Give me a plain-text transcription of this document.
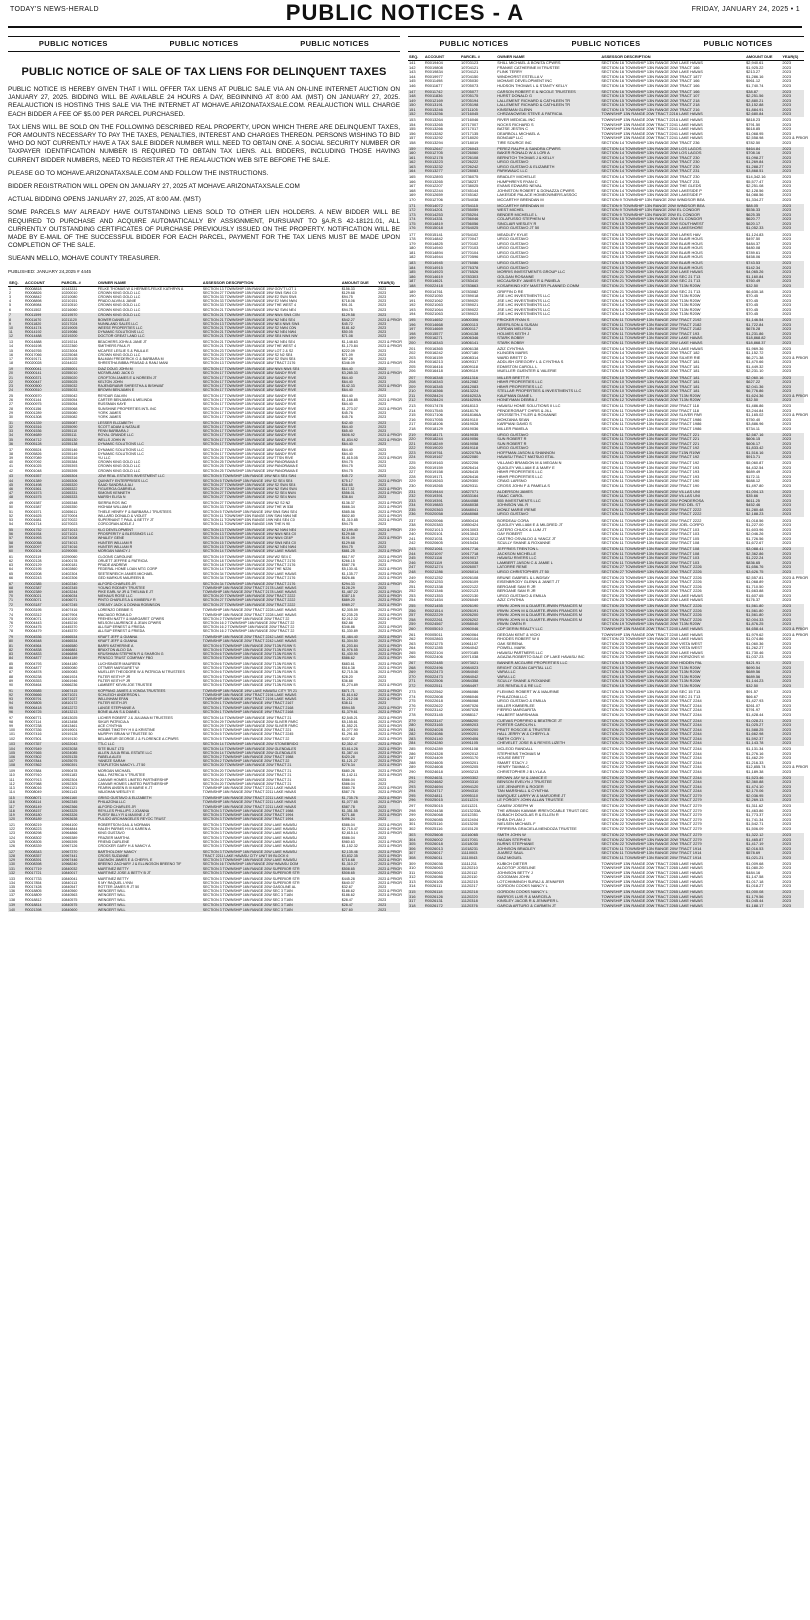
TODAY'S NEWS-HERALD	PUBLIC NOTICES - A	FRIDAY, JANUARY 24, 2025 • 1
PUBLIC NOTICES	PUBLIC NOTICES	PUBLIC NOTICES
PUBLIC NOTICE OF SALE OF TAX LIENS FOR DELINQUENT TAXES

PUBLIC NOTICE IS HEREBY GIVEN THAT I WILL OFFER TAX LIENS AT PUBLIC SALE VIA AN ON-LINE INTERNET AUCTION ON JANUARY 27, 2025. BIDDING WILL BE AVAILABLE 24 HOURS A DAY, BEGINNING AT 8:00 AM. (MST) ON JANUARY 27, 2025. REALAUCTION IS HOSTING THIS SALE VIA THE INTERNET AT MOHAVE.ARIZONATAXSALE.COM. REALAUCTION WILL CHARGE EACH BIDDER A FEE OF $5.00 PER PARCEL PURCHASED.

TAX LIENS WILL BE SOLD ON THE FOLLOWING DESCRIBED REAL PROPERTY, UPON WHICH THERE ARE DELINQUENT TAXES, FOR AMOUNTS NECESSARY TO PAY THE TAXES, PENALTIES, INTEREST AND CHARGES THEREON. PERSONS WISHING TO BID WHO DO NOT CURRENTLY HAVE A TAX SALE BIDDER NUMBER WILL NEED TO OBTAIN ONE. A SOCIAL SECURITY NUMBER OR TAXPAYER IDENTIFICATION NUMBER IS REQUIRED TO OBTAIN TAX LIENS. ALL BIDDERS, INCLUDING THOSE HAVING CURRENT BIDDER NUMBERS, NEED TO REGISTER AT THE REALAUCTION WEB SITE BEFORE THE SALE.

PLEASE GO TO MOHAVE.ARIZONATAXSALE.COM AND FOLLOW THE INSTRUCTIONS.

BIDDER REGISTRATION WILL OPEN ON JANUARY 27, 2025 AT MOHAVE.ARIZONATAXSALE.COM

ACTUAL BIDDING OPENS JANUARY 27, 2025, AT 8:00 AM. (MST)

SOME PARCELS MAY ALREADY HAVE OUTSTANDING LIENS SOLD TO OTHER LIEN HOLDERS. A NEW BIDDER WILL BE REQUIRED TO PURCHASE AND ACQUIRE AUTOMATICALLY BY ASSIGNMENT, PURSUANT TO §A.R.S 42-18121.01, ALL CURRENTLY OUTSTANDING CERTIFICATES OF PURCHASE PREVIOUSLY ISSUED ON THE PROPERTY. NOTIFICATION WILL BE MADE BY E-MAIL OF THE SUCCESSFUL BIDDER FOR EACH PARCEL, PAYMENT FOR THE TAX LIENS MUST BE MADE UPON COMPLETION OF THE SALE.

SUEANN MELLO, MOHAVE COUNTY TREASURER.

PUBLISHED: JANUARY 24,2025 # 4445
SEQ.	ACCOUNT	PARCEL #	OWNER NAME	ASSESSOR DESCRIPTION	AMOUNT DUE	YEAR(S)
1	R0008818	10143331	FELKE THOMAS W & HERMES-FELKE KATHRYN A	SECTION 13 TOWNSHIP 15N RANGE 19W GOV'T LOT 1	$156.33	2023
2	R0008826	10200010	CROWN KING GOLD LLC	SECTION 27 TOWNSHIP 15N RANGE 19W SW4 SW4 C0	$129.68	2023
3	R0008842	10210080	CROWN KING GOLD LLC	SECTION 33 TOWNSHIP 15N RANGE 19W E2 SW4 SW4	$94.75	2023
4	R0008898	10210151	PRADO ALVIN & JANIE	SECTION 33 TOWNSHIP 15N RANGE 19W E2 NW4 NW4	$718.06	2023
5	R0008984	10210510	CROWN KING GOLD LLC	SECTION 33 TOWNSHIP 15N RANGE 19W THE WEST 4	$91.01	2023
6	R0011502	10216060	CROWN KING GOLD LLC	SECTION 21 TOWNSHIP 15N RANGE 19W N2 SW4 NE4	$94.75	2023

7	R0011599	10219570	CROWN KING GOLD LLC	SECTION 21 TOWNSHIP 15N RANGE 19W NW4 SW4 C0N	$129.58	2023
8	R0011670	10211120	BOWER DANIELLE	SECTION 21 TOWNSHIP 15N RANGE 19W N2 NE4 SE4	$542.27	2023 & PRIOR
9	R0011820	10217024	NUNNLAND SALES LLC	SECTION 13 TOWNSHIP 15N RANGE 19W NE4 NW4 SW4	$45.72	2023
10	R0014174	10219005	WEESE PROPERTIES LLC	SECTION 21 TOWNSHIP 15N RANGE 19W S2 NW4 C0N	$181.62	2023
11	R0014192	10219086	DYNAMIC SOLUTIONS LLC	SECTION 21 TOWNSHIP 15N RANGE 19W N2 NE4 NW4	$50.05	2023
12	R0014488	10219200	DOCTOR GREAT LAND LLC	SECTION 21 TOWNSHIP 15N RANGE 19W SE4 NW4 NW	$71.08	2023

13	R0014888	10219214	BEACHERS JOHN & JANE JT	SECTION 21 TOWNSHIP 15N RANGE 19W N2 NE4 SE4	$1,148.63	2023 & PRIOR
14	R0016198	10222360	SMITHERS PAUL R	SECTION 21 TOWNSHIP 15N RANGE 19W THE WEST 4	$1,170.84	2023 & PRIOR
15	R0016765	10223004	MCAFEE LESLIE S & PAULA E	SECTION 23 TOWNSHIP 15N RANGE 19W LOT 2 & S2	$222.09	2023
16	R0017066	10225048	CROWN KING GOLD LLC	SECTION 23 TOWNSHIP 15N RANGE 19W S2 N2 SE4	$71.09	2023
17	R0019171	10225105	BALMAN FREDERICK G & BARBARA M	SECTION 23 TOWNSHIP 15N RANGE 19W S2 SW4 SE4	$87.28	2023
18	R0020028	10244022	SHRESTHA BIBBA PRASAD & RANJ MANI	SECTION 13 TOWNSHIP 15N RANGE 18W TRACT 2176	$346.09	2023 & PRIOR

19	R0000041	10255001	DIAZ DOUG JOHN M	SECTION 17 TOWNSHIP 15N RANGE 18W NW4 NW4 SE4	$64.40	2023
20	R0000141	10255010	MCFARLAND JACK D	SECTION 17 TOWNSHIP 15N RANGE 18W SANDY RIVE	$3,285.33	2023 & PRIOR
21	R0000371	10255020	CROFTON JAMES E & NOREEN JT	SECTION 17 TOWNSHIP 15N RANGE 18W SANDY RIVE	$64.40	2023
22	R0000447	10255025	KELTON JOHN	SECTION 17 TOWNSHIP 15N RANGE 18W SANDY RIVE	$64.40	2023
23	R0000500	10255032	RAJENDRABIR SHRESTHA & BISHWAT	SECTION 17 TOWNSHIP 15N RANGE 18W SANDY RIVE	$142.33	2023 & PRIOR
24	R0000510	10255033	BROWN BENJAMIN E	SECTION 17 TOWNSHIP 15N RANGE 18W SANDY RIVE	$64.40	2023

25	R0000570	10255042	REYDAR GALVIN	SECTION 17 TOWNSHIP 15N RANGE 18W SANDY RIVE	$64.40	2023
26	R0001144	10255054	CARTER BENJAMIN & MELINDA	SECTION 17 TOWNSHIP 15N RANGE 18W SANDY RIVE	$1,166.85	2023 & PRIOR
27	R0000975	10255054	RUSSMAN KAYE	SECTION 17 TOWNSHIP 15N RANGE 18W SANDY RIVE	$64.40	2023
28	R0001156	10255068	SUNSHINE PROPERTIES INTL INC	SECTION 17 TOWNSHIP 15N RANGE 18W SANDY RIVE	$1,273.07	2023 & PRIOR
29	R0001289	10255080	YORK JAMES	SECTION 17 TOWNSHIP 15N RANGE 18W SANDY RIVE	$45.76	2023
30	R0001308	10255082	YORK JAMES	SECTION 17 TOWNSHIP 15N RANGE 18W SANDY RIVE	$45.76	2023

31	R0001339	10255087	LESSER ELIZABETH	SECTION 17 TOWNSHIP 15N RANGE 18W SANDY RIVE	$42.40	2023
32	R0001516	10255090	SCOTT ADAM & NATALIE	SECTION 17 TOWNSHIP 15N RANGE 18W SANDY RIVE	$64.40	2023
33	R0001536	10255110	FENN BARBARA J	SECTION 17 TOWNSHIP 15N RANGE 18W SANDY RIVE	$65.40	2023
34	R0004689	10255111	ROYAL GRANDE LLC	SECTION 17 TOWNSHIP 15N RANGE 18W SANDY RIVE	$606.92	2023 & PRIOR
35	R0004712	10255130	WELLS JOHN W	SECTION 17 TOWNSHIP 15N RANGE 18W SANDY RIVE	$1,834.92	2023 & PRIOR
36	R0005128	10255138	DYNAMIC SOLUTIONS LLC	SECTION 17 TOWNSHIP 15N RANGE 18W SANDY RIVE	$64.40	2023

37	R0005524	10255146	DYNAMIC SOLUTIONS LLC	SECTION 17 TOWNSHIP 15N RANGE 18W SANDY RIVE	$64.40	2023
38	R0005826	10255149	DYNAMIC SOLUTIONS LLC	SECTION 17 TOWNSHIP 15N RANGE 18W SANDY RIVE	$64.40	2023
39	R0007089	10255316	YU LLC	SECTION 25 TOWNSHIP 15N RANGE 19W TTSN RIVE	$1,615.05	2023 & PRIOR
40	R0007092	10255384	CROWN KING GOLD LLC	SECTION 25 TOWNSHIP 15N RANGE 19W PANORAMA E	$94.75	2023
41	R0001025	10255393	CROWN KING GOLD LLC	SECTION 25 TOWNSHIP 15N RANGE 19W PANORAMA E	$94.75	2023
42	R0001048	10255395	CROWN KING GOLD LLC	SECTION 25 TOWNSHIP 15N RANGE 19W PANORAMA E	$94.75	2023

43	R0001557	10265304	JGW REAL ESTATES INVESTMENT LLC	SECTION 5 TOWNSHIP 15N RANGE 19W NE4 SE4 SW4	$45.72	2023
44	R0001389	10265306	QUINNTY ENTERPRISES LLC	SECTION 5 TOWNSHIP 15N RANGE 19W S2 SE4 SE4	$75.17	2023 & PRIOR
45	R0001498	10265320	SAAD SANDRA & ALI	SECTION 27 TOWNSHIP 15N RANGE 19W S2 SW4 SE4	$36.65	2023
46	R0001561	10265322	FIGUEROA GABRIELA	SECTION 27 TOWNSHIP 15N RANGE 19W N2 SW4 SW4	$117.32	2023 & PRIOR
47	R0001573	10265331	SIMONS KENNETH	SECTION 27 TOWNSHIP 15N RANGE 19W S2 SE4 NW4	$556.01	2023 & PRIOR
48	R0001575	10265333	MARSH ELISA N	SECTION 27 TOWNSHIP 15N RANGE 19W S2 SE4 NW4	$36.84	2023

49	R0001587	10265348	SIERRA ROS INC	SECTION 27 TOWNSHIP 15N RANGE 19W N2 S2 N2	$136.37	2023 & PRIOR
50	R0001587	10265350	HIGHAM WILLIAM R	SECTION 33 TOWNSHIP 15N RANGE 19W THE W 538	$666.34	2023 & PRIOR
51	R0001571	10265611	THIELE HENRY F & BARBARA J TRUSTEES	SECTION 5 TOWNSHIP 15N RANGE 19W SW4 SW4 SE4	$585.56	2023 & PRIOR
52	R0001625	10270004	WILLARD DONALD & VIOLET	SECTION 11 TOWNSHIP 15N RANGE 19W SW4 NW4 NE	$602.80	2023 & PRIOR
53	R0001681	10270022	SUPERNANT T PAUL & BETTY JT	SECTION 11 TOWNSHIP 15N RANGE 19W NE4 SE4 C0	$1,310.85	2023 & PRIOR
54	R0001714	10270023	CORCORAN ADELE J	SECTION 11 TOWNSHIP 15N RANGE 19W THE N 90	$94.75	2023

55	R0001752	10271013	KLG DEVELOPMENT	SECTION 13 TOWNSHIP 15N RANGE 19W N2 NW4 NE4	$2,199.40	2023 & PRIOR
56	R0001934	10271021	PROSPERITY & BLESSINGS LLC	SECTION 13 TOWNSHIP 15N RANGE 19W NW4 NE4 C0	$129.68	2023
57	R0001993	10274008	WHALEY GENE	SECTION 15 TOWNSHIP 15N RANGE 19W NW4 CE4P	$191.09	2023 & PRIOR
58	R0002058	10274013	HUNTER WILLIAM R	SECTION 15 TOWNSHIP 15N RANGE 19W SW4 NE4 C0	$129.68	2023
59	R0002097	10274016	HUNTER WILLIAM R	SECTION 15 TOWNSHIP 15N RANGE 19W N2 NE4 NW4	$94.75	2023
60	R0002104	10290055	MORGAN NANCY J	SECTION 14 TOWNSHIP 15N RANGE 19W LAKE HAVAS	$881.25	2023 & PRIOR

61	R0002119	10290060	CLOONS CAROLINE	SECTION 19 TOWNSHIP 15N RANGE 19W W2 SE4 C	$617.97	2023 & PRIOR
62	R0002128	10400178	ORUETT JEFFRE & PATRICIA	SECTION 18 TOWNSHIP 15N RANGE 20W TRACT 2176	$266.15	2023 & PRIOR
63	R0002129	10400181	PRADE ANDREW	SECTION 18 TOWNSHIP 15N RANGE 20W TRACT 2176	$587.78	2023
64	R0002195	10402860	FEDERAL HOME LOAN MTG CORP	SECTION 14 TOWNSHIP 15N RANGE 20W THE N226	$5,130.41	2023 & PRIOR
65	R0002208	10402304	SEETENREICH JAMES MICHAEL	SECTION 34 TOWNSHIP 15N RANGE 20W LAKE HAVAS	$1,135.77	2023 & PRIOR
66	R0002243	10402306	GED MARKUS MAUREEN B	SECTION 34 TOWNSHIP 15N RANGE 20W TRACT 2176	$826.86	2023 & PRIOR

67	R0002385	10402340	ALFORD CHARLES JR	SECTION 34 TOWNSHIP 15N RANGE 20W TRACT 2176	$294.33	2023 & PRIOR
68	R0002387	10402345	YOUNG RODNEY TRUSTEE	TOWNSHIP 16N RANGE 20W TRACT 2178 LAKE HAVAS	$128.29	2023
69	R0002389	10403244	PIKE EARL W JR & THELMA E JT	TOWNSHIP 16N RANGE 20W TRACT 2178 LAKE HAVAS	$1,487.22	2023 & PRIOR
70	R0003021	10406034	NIEHAUS ROSE LLC	SECTION 20 TOWNSHIP 16N RANGE 20W TRACT 2222	$387.15	2023 & PRIOR
71	R0003071	10406071	PINTO CHARLES A & KIMBERLY R	SECTION 27 TOWNSHIP 16N RANGE 20W TRACT 2222	$889.20	2023 & PRIOR
72	R0003187	10407245	CREASY JACK & DONNA ROBINSON	SECTION 27 TOWNSHIP 16N RANGE 20W TRACT 2222	$989.27	2023 & PRIOR

73	R0003195	10407416	LORENZO DEBBIE S	TOWNSHIP 16N RANGE 20W TRACT 2228 LAKE HAVAS	$2,305.59	2023 & PRIOR
74	R0003312	10407904	MACIAGO ROMULO	TOWNSHIP 16N RANGE 20W TRACT 2228 LAKE HAVAS	$2,235.25	2023 & PRIOR
75	R0004071	10410100	FREHEN NATTY & MARGARET CPWRS	SECTION 2 TOWNSHIP 16N RANGE 20W TRACT 22	$2,012.32	2023 & PRIOR
76	R0004443	10445216	NELSON LAURENCE & JEAN CPWRS	SECTION 16 2 TOWNSHIP 16N RANGE 20W TRACT 22	$62.88	2023
77	R0004475	10445370	ALLSUP ERNEST & FRIEDA	SECTION 16 2 TOWNSHIP 16N RANGE 20W TRACT 22	$346.86	2023 & PRIOR
78	R0004479	10445370	ALLSUP ERNEST & FRIEDA	SECTION 16 2 TOWNSHIP 16N RANGE 20W TRACT 22	$1,330.89	2023 & PRIOR

79	R0004536	10466534	KRAFT JEFF & GIANNA	TOWNSHIP 16N RANGE 20W TRACT 2242 LAKE HAVAS	$1,484.40	2023 & PRIOR
80	R0004548	10466534	KRAFT JEFF & GIANNA	TOWNSHIP 16N RANGE 20W TRACT 2242 LAKE HAVAS	$1,304.50	2023 & PRIOR
81	R0004564	10466580	BARRI KATHERINE A	SECTION 6 TOWNSHIP 15N RANGE 20W T13N R19W S	$1,203.84	2023 & PRIOR
82	R0004838	10466881	BRAXTON ALDO DA	SECTION 6 TOWNSHIP 15N RANGE 20W T13N R19W S	$1,976.55	2023 & PRIOR
83	R0004833	10466898	KRUSHMAN STEPHEN R & SHARON G	SECTION 6 TOWNSHIP 15N RANGE 20W T13N R19W S	$1,430.90	2023 & PRIOR
84	R0004877	10644189	PENSCO TRUST COMPANY FBO	SECTION 6 TOWNSHIP 15N RANGE 20W T13N R19W S	$586.62	2023 & PRIOR

85	R0004793	10644180	LUCHSINGER MAUREEN	SECTION 6 TOWNSHIP 15N RANGE 20W T13N R19W S	$683.61	2023 & PRIOR
86	R0004877	10650080	OTTMER MARGARET W	SECTION 6 TOWNSHIP 15N RANGE 20W T13N R19W S	$516.38	2023 & PRIOR
87	R0004878	10650083	MUELLER THEODORE W & PATRICIA M TRUSTEES	SECTION 6 TOWNSHIP 15N RANGE 20W T13N R19W S	$2,715.36	2023 & PRIOR
88	R0005238	10661924	FILTER KEITH P JR	SECTION 6 TOWNSHIP 16N RANGE 19W T13N R19W S	$28.20	2023
89	R0005353	10661946	FILTER KEITH P JR	SECTION 6 TOWNSHIP 16N RANGE 19W T13N R19W S	$36.88	2023
90	R0005464	10666236	LAMBERT KEVIN JOE TRUSTEE	SECTION 6 TOWNSHIP 16N RANGE 19W T13N R19W S	$1,274.89	2023 & PRIOR

91	R0005585	10667415	KOPPANG JAMES & VONDA TRUSTEES	TOWNSHIP 16N RANGE 19W LAKE HAVASU CITY TR 21	$671.71	2023 & PRIOR
92	R0005666	10671021	SCHLEICH ANDERSON L	TOWNSHIP 16N RANGE 19W TRACT 2194 LAKE HAVAS	$1,614.62	2023 & PRIOR
93	R0005791	10671027	WILLINHAM EFAN	TOWNSHIP 16N RANGE 19W TRACT 2194 LAKE HAVAS	$1,212.08	2023 & PRIOR
94	R0005805	10810172	FILTER KEITH JR	SECTION 1 TOWNSHIP 16N RANGE 19W TRACT 2167	$38.11	2023
95	R0006418	10812272	LANGE STEPHANIE A	SECTION 1 TOWNSHIP 16N RANGE 19W TRACT 2168	$594.55	2023 & PRIOR
96	R0006725	10813213	BONE ALAN S & DIANE L	SECTION 1 TOWNSHIP 16N RANGE 19W TRACT 2168	$1,379.61	2023 & PRIOR

97	R0006771	10813025	LICHER ROBERT J & JULIANA M TRUSTEES	SECTION 14 TOWNSHIP 16N RANGE 19W TRACT 21	$2,545.21	2023 & PRIOR
98	R0007114	10813458	SIKUR PATRICIA A	SECTION 29 TOWNSHIP 16N RANGE 20W SLIVER PARC	$5,155.61	2023 & PRIOR
99	R0007238	10813461	ACE CYNTHIA	SECTION 29 TOWNSHIP 16N RANGE 20W SLIVER PARC	$1,552.21	2023 & PRIOR
100	R0007336	10919001	HOBBS TIMOTHY H II & KRISTINE	SECTION 5 TOWNSHIP 16N RANGE 20W TRACT 221	$1,077.90	2023 & PRIOR
101	R0007416	10919128	MURPHY BRIAN W TRUSTEE 50	SECTION 5 TOWNSHIP 16N RANGE 20W TRACT 2245	$1,291.65	2023 & PRIOR
102	R0007501	10919130	BELAMEUR GEORGE J & FLORENCE A CPWRS	SECTION 5 TOWNSHIP 16N RANGE 20W TRACT 22	$437.82	2023 & PRIOR

103	R0007357	10922043	TTLC LLC	SECTION 14 TOWNSHIP 16N RANGE 20W STONEBRIDG	$2,352.47	2023 & PRIOR
104	R0007649	10923038	SITE BUILT LTD	SECTION 14 TOWNSHIP 16N RANGE 20W GLENDALES	$3,614.26	2023 & PRIOR
105	R0007665	10924085	ALLEN JULIA REAL ESTATE LLC	SECTION 14 TOWNSHIP 16N RANGE 20W GLENDALES	$1,387.44	2023 & PRIOR
106	R0007802	10925135	FABELA ALEX	SECTION 2 TOWNSHIP 16N RANGE 20W TRACT 1988	$420.28	2023 & PRIOR
107	R0007844	10925075	YANEZE SARAH	SECTION 2 TOWNSHIP 16N RANGE 20W TRACT 22	$1,121.27	2023 & PRIOR
108	R0007862	10950391	STAPLETON NANCY L JT 50	SECTION 20 TOWNSHIP 16N RANGE 20W TRACT 21	$276.34	2023 & PRIOR

109	R0007884	10950478	MORGAN MICHAEL	SECTION 20 TOWNSHIP 16N RANGE 20W TRACT 21	$680.26	2023 & PRIOR
110	R0007910	10951183	MALL PATRICIA V TRUSTEE	SECTION 20 TOWNSHIP 16N RANGE 20W TRACT 21	$1,142.11	2023 & PRIOR
111	R0007913	10952304	CANVAR HOMES LIMITED PARTNERSHIP	SECTION 20 TOWNSHIP 16N RANGE 20W TRACT 21	$586.04	2023
112	R0007988	10952305	CANVAR HOMES LIMITED PARTNERSHIP	SECTION 20 TOWNSHIP 16N RANGE 20W TRACT 21	$586.04	2023
113	R0008016	10961121	FEARIN ANSEN B III MARIE K JT	TOWNSHIP 16N RANGE 20W TRACT 2211 LAKE HAVAS	$580.78	2023 & PRIOR
114	R0008049	10961143	VAUGHAN WESLEY E	TOWNSHIP 16N RANGE 20W TRACT 2211 LAKE HAVAS	$587.76	2023 & PRIOR

115	R0008071	10961160	GRISO GUSTAVO & ELIZABETH	TOWNSHIP 16N RANGE 20W TRACT 2211 LAKE HAVAS	$1,735.76	2023 & PRIOR
116	R0008114	10962345	PHILAZONA LLC	TOWNSHIP 16N RANGE 20W TRACT 2211 LAKE HAVAS	$1,077.65	2023 & PRIOR
117	R0008149	10962366	ALFORD CHARLES JR	TOWNSHIP 16N RANGE 20W TRACT 2211 LAKE HAVAS	$587.78	2023
118	R0008157	10963325	REYLLES PHILLIPS J JOANNA	SECTION 3 TOWNSHIP 16N RANGE 20W TRACT 1988	$1,351.55	2023 & PRIOR
119	R0008180	10963326	PUSSY BILLY R & MAXINE J JT	SECTION 3 TOWNSHIP 16N RANGE 20W TRACT 1994	$271.88	2023 & PRIOR
120	R0008189	10963638	PULIDO ARCHANGELES REYOC TRUST	SECTION 3 TOWNSHIP 16N RANGE 20W TRACT 1994	$496.24	2023

121	R0008219	10964100	ROBERTSON GAIL & NORMAN	SECTION 3 TOWNSHIP 16N RANGE 20W LAKE HAVASU	$586.04	2023 & PRIOR
122	R0008223	10964844	HALEH PARNIS H II & KAREN A	SECTION 3 TOWNSHIP 16N RANGE 20W LAKE HAVASU	$2,715.47	2023 & PRIOR
123	R0008298	10964866	KING GUSTAVO	SECTION 3 TOWNSHIP 16N RANGE 20W LAKE HAVASU	$2,815.14	2023 & PRIOR
124	R0008302	10965389	FRAZIER MARTHA	SECTION 3 TOWNSHIP 16N RANGE 20W LAKE HAVASU	$586.04	2023
125	R0008305	10965395	FRIEND DARLENE	SECTION 3 TOWNSHIP 16N RANGE 20W LAKE HAVASU	$980.63	2023 & PRIOR
126	R0008339	10967126	CROCKER GARY H & NANCY A	SECTION 3 TOWNSHIP 16N RANGE 20W LAKE HAVASU	$1,152.32	2023 & PRIOR

127	R0008343	10967370	BARTHOLOMY NANCY	SECTION 3 TOWNSHIP 16N RANGE 20W LAKE HAVASU	$2,135.46	2023 & PRIOR
128	R0008357	10967441	CROSS SUZANNE	TRACT 2211 LAKE HAVASU CITY UNIT 59 BLOCK 6	$3,832.35	2023 & PRIOR
129	R0008391	10967446	GAGNON JAMES E & CHERYL E	SECTION 3 TOWNSHIP 16N RANGE 20W LAKE HAVASU	$716.68	2023 & PRIOR
130	R0008398	10968240	BREENO ZACHARY J & ELLINGSON BREENO TIF	SECTION 16 TOWNSHIP 16N RANGE 20W HAVASU DOM	$1,310.27	2023 & PRIOR
131	R0017719	10840032	MARTINEZ BETTY	SECTION 3 TOWNSHIP 16N RANGE 20W SUPERIOR STR	$508.65	2023 & PRIOR
132	R0017721	10840017	MARTINEZ JOSE & BETTY B JT	SECTION 3 TOWNSHIP 16N RANGE 20W SUPERIOR STR	$508.65	2023 & PRIOR

133	R0017733	10840041	MARTINEZ BETTY	SECTION 3 TOWNSHIP 16N RANGE 20W SUPERIOR STR	$445.28	2023 & PRIOR
134	R0017854	10840113	S MY RAQUEL LYNN	SECTION 3 TOWNSHIP 16N RANGE 20W SUPERIOR STR	$640.07	2023 & PRIOR
135	R0017428	10840547	ROTTER JAMES R JT 50	SECTION 3 TOWNSHIP 16N RANGE 20W GASOLINE AL	$32.67	2023
136	R0018805	10840560	WENGERT WILL	SECTION 3 TOWNSHIP 16N RANGE 20W SEC 3 T16N	$186.62	2023 & PRIOR
137	R0018809	10840563	WENGERT WILL	SECTION 3 TOWNSHIP 16N RANGE 20W SEC 3 T16N	$186.62	2023 & PRIOR
138	R0018812	10840575	WENGERT WILL	SECTION 3 TOWNSHIP 16N RANGE 20W SEC 3 T16N	$28.47	2023

139	R0018814	10840575	WENGERT WILL	SECTION 3 TOWNSHIP 16N RANGE 20W SEC 3 T16N	$28.47	2023
140	R0021398	10840600	WENGERT WILL	SECTION 3 TOWNSHIP 16N RANGE 20W SEC 3 T16N	$27.60	2023
PUBLIC NOTICES	PUBLIC NOTICES	PUBLIC NOTICES
SEQ.	ACCOUNT	PARCEL #	OWNER NAME	ASSESSOR DESCRIPTION	AMOUNT DUE	YEAR(S)
141	R0019404	10703123	SHILL MICHAEL & BONITA CPWRS	SECTION 16 TOWNSHIP 13N RANGE 20W LAKE HAVAS	$2,940.61	2023
142	R0019808	10704121	FRANKE CATHERINE M TRUSTEE	SECTION 16 TOWNSHIP 13N RANGE 20W TRACT 166	$1,925.22	2023
143	R0019834	10704121	FLINK TERRY	SECTION 16 TOWNSHIP 13N RANGE 20W LAKE HAVAS	$213.27	2023
144	R0019977	10704150	WINDHORST ESTELLA V	SECTION 16 TOWNSHIP 13N RANGE 20W TRACT 1877	$1,286.16	2023
145	R0011498	10705030	MOHAVE DEVELOPMENT INC	SECTION 16 TOWNSHIP 13N RANGE 20W TRACT 166	$961.12	2023
146	R0011677	10705073	HUDSON THOMAS L & STANTY KELLY	SECTION 16 TOWNSHIP 13N RANGE 20W TRACT 166	$1,740.74	2023

147	R0011742	10705077	CARSON ROBERT E & NICOLE TRUSTEES	SECTION 16 TOWNSHIP 13N RANGE 20W TRACT 166	$38.87	2023
148	R0011836	10705175	HURST DONALD G	SECTION 15 TOWNSHIP 13N RANGE 20W TRACT 107	$2,251.56	2023
149	R0012169	10705194	LALLEMENT RICHARD & CATHLEEN TR	SECTION 15 TOWNSHIP 13N RANGE 20W TRACT 218	$2,880.21	2023
150	R0013191	10705198	LALLEMENT RICHARD & CATHLEEN TR	SECTION 15 TOWNSHIP 13N RANGE 20W TRACT 218	$3,152.88	2023
151	R0013246	10711105	KINSEMAN GLENN	SECTION 15 TOWNSHIP 13N RANGE 20W TRACT 216	$1,884.91	2023
152	R0013256	10716045	CHRZANOWSKI STEVE & PATRICIA	TOWNSHIP 13N RANGE 20W TRACT 2216 LAKE HAVAS	$2,680.84	2023

153	R0013264	10716046	RIVER MEDICAL INC	TOWNSHIP 13N RANGE 20W TRACT 2216 LAKE HAVAS	$818.23	2023
154	R0013265	10717007	NOCKS RICHARD S	TOWNSHIP 13N RANGE 20W TRACT 2241 LAKE HAVAS	$791.50	2023
155	R0013266	10717017	BATSE JESTIN C	TOWNSHIP 13N RANGE 20W TRACT 2241 LAKE HAVAS	$618.85	2023
156	R0013282	10717135	DEARBOLL MICHAEL A	TOWNSHIP 13N RANGE 20W TRACT 2241 LAKE HAVAS	$1,068.95	2023
157	R0013292	10718020	BONGAIP LLC	TOWNSHIP 13N RANGE 20W TRACT 2241 LAKE HAVAS	$2,558.98	2023 & PRIOR
158	R0013294	10718019	TIRE SOURCE INC	SECTION 14 TOWNSHIP 13N RANGE 20W TRACT 236	$782.50	2023

159	R0012647	10726043	PEREZ RALPH & SANDRA CPWRS	SECTION 14 TOWNSHIP 13N RANGE 20W LOS LAGOS	$464.84	2023
160	R0012705	10726060	BAKER RONALD W & LORI A	SECTION 14 TOWNSHIP 13N RANGE 20W LOS LAGOS	$708.16	2023
161	R0012178	10726108	BERNITCH THOMAS J & KELLY	SECTION 14 TOWNSHIP 13N RANGE 20W TRACT 230	$1,098.27	2023
162	R0013223	10726222	URGO GUSTAVO	SECTION 14 TOWNSHIP 13N RANGE 20W TRACT 230	$1,269.84	2023
163	R0013232	10726242	URGO GUSTAVO & ELIZABETH	SECTION 14 TOWNSHIP 13N RANGE 20W TRACT 230	$1,288.27	2023
164	R0013277	10728083	PARKWAUC LLC	SECTION 14 TOWNSHIP 13N RANGE 20W TRACT 231	$3,868.51	2023

165	R0012893	10736075	BRADLEY MICHELLE	SECTION 14 TOWNSHIP 13N RANGE 20W TRACT 230	$14,342.16	2023
166	R0013265	10738237	HUMPHREYS RYAN C	SECTION 14 TOWNSHIP 13N RANGE 20W TRACT 231	$5,577.47	2023
167	R0012207	10738025	EVANS EDWARD NEVAL	SECTION 14 TOWNSHIP 13N RANGE 20W THE GLEDS	$2,251.08	2023
168	R0012244	10745144	JOHNSTON ROBERT & DONAZZA CPWRS	SECTION 14 TOWNSHIP 13N RANGE 20W LAKESIDE P	$2,128.56	2023
169	R0012659	10745162	LAKESIDE PALACE HOMEOWNERS ASSOC	SECTION 15 TOWNSHIP 13N RANGE 20W LAKESIDE P	$4,088.56	2023
170	R0012706	10754038	MCCARTHY BRENDAN M	SECTION 9 TOWNSHIP 13N RANGE 20W WINDSOR BEA	$1,334.27	2023

171	R0014072	10754115	MCCARTHY BRENDAN M	SECTION 9 TOWNSHIP 13N RANGE 20W WINDSOR BEA	$88.05	2023
172	R0014201	10755059	WEST MICHEL	SECTION 9 TOWNSHIP 13N RANGE 20W EL CONDOR	$536.33	2023
173	R0014253	10755204	BENDER MICHELLE L	SECTION 9 TOWNSHIP 13N RANGE 20W EL CONDOR	$625.35	2023
174	R0014331	10756046	COLAFUSSO STEPHEN M	SECTION 15 TOWNSHIP 13N RANGE 20W EL CONDOR	$620.77	2023
175	R0014819	10756056	SINCLAIR WESLEY R	SECTION 15 TOWNSHIP 13N RANGE 20W SOUTHWEST	$620.17	2023
176	R0015018	10764025	URGO GUSTAVO JT 50	SECTION 15 TOWNSHIP 13N RANGE 20W LAKESHORE	$1,052.33	2023

177	R0015141	10764102	MEADLEY KYLIE	SECTION 15 TOWNSHIP 13N RANGE 20W LARKS HAV	$1,124.83	2023
178	R0014842	10770047	URGO GUSTAVO	SECTION 15 TOWNSHIP 13N RANGE 20W BLAIR HOUS	$497.50	2023
179	R0014825	10770102	URGO GUSTAVO	SECTION 15 TOWNSHIP 13N RANGE 20W BLAIR HOUS	$484.37	2023
180	R0014940	10770103	URGO GUSTAVO	SECTION 15 TOWNSHIP 13N RANGE 20W BLAIR HOUS	$480.08	2023
181	R0014894	10770104	URGO GUSTAVO	SECTION 15 TOWNSHIP 13N RANGE 20W BLAIR HOUS	$789.61	2023
182	R0014944	10770596	URGO GUSTAVO	SECTION 15 TOWNSHIP 13N RANGE 20W BLAIR HOUS	$458.06	2023

183	R0014945	10776086	URGO GUSTAVO	SECTION 15 TOWNSHIP 13N RANGE 20W BLAIR HOUS	$743.53	2023
184	R0014915	10776378	URGO GUSTAVO	SECTION 15 TOWNSHIP 13N RANGE 20W BLAIR HOUS	$142.34	2023
185	R0014923	10776526	MORRIS INVESTMENTS GROUP LLC	SECTION 22 TOWNSHIP 13N RANGE 20W LAKE HAVAS	$4,065.26	2023
186	R0014619	10783303	GOLDAN ROSANNE	SECTION 21 TOWNSHIP 13N RANGE 20W SEC 21 T13	$1,160.84	2023
187	R0014621	10783410	MCCAUSKEY JAMES R & PAMELA	SECTION 21 TOWNSHIP 13N RANGE 20W SEC 21 T13	$760.49	2023
188	R0022418	10783663	KOSARKIND KEY MASTER PLANNED COMM	SECTION 21 TOWNSHIP 13N RANGE 20W T13N R20W	$32.50	2023

189	R0014761	10783082	GRIFFIN D RE	SECTION 21 TOWNSHIP 13N RANGE 20W SEC 21 T13	$6,630.18	2023
190	R0021050	10789018	JSE LHC INVESTMENTS LLC	SECTION 14 TOWNSHIP 13N RANGE 20W T13N R20W	$70.45	2023
191	R0021062	10789020	JSE LHC INVESTMENTS LLC	SECTION 14 TOWNSHIP 13N RANGE 20W T13N R20W	$70.45	2023
192	R0021063	10789021	JSE LHC INVESTMENTS LLC	SECTION 14 TOWNSHIP 13N RANGE 20W T13N R20W	$70.45	2023
193	R0021064	10789022	JSE LHC INVESTMENTS LLC	SECTION 14 TOWNSHIP 13N RANGE 20W T13N R20W	$70.45	2023
194	R0021063	10789023	JSE LHC INVESTMENTS LLC	SECTION 14 TOWNSHIP 13N RANGE 20W T13N R20W	$70.45	2023

195	R0014652	10800306	FRICKER RYAN S	SECTION 11 TOWNSHIP 13N RANGE 20W TRACT 2192	$1,146.54	2023
196	R0014668	10800113	BEIERLSON & SUSAN	SECTION 11 TOWNSHIP 13N RANGE 20W TRACT 2182	$1,722.84	2023
197	R0014669	10800117	JORDAN MELISSA	SECTION 11 TOWNSHIP 13N RANGE 20W TRACT 2182	$678.28	2023
198	R0015577	10804138	HOLMES KEITH J	SECTION 11 TOWNSHIP 13N RANGE 20W TRACT 193	$1,231.86	2023
199	R0016271	10806346	STARK BOBBY	SECTION 11 TOWNSHIP 13N RANGE 20W LAKE HAVAS	$18,868.82	2023
200	R0016343	10806141	STARK BOBBY	SECTION 11 TOWNSHIP 13N RANGE 20W LAKE HAVAS	$18,868.37	2023

201	R0016365	10806138	AZIZ CYNTHIA	SECTION 14 TOWNSHIP 13N RANGE 20W LAKE HAVAS	$1,969.36	2023
202	R0016242	10807180	KLINGEN MARIS	SECTION 14 TOWNSHIP 13N RANGE 20W TRACT 182	$1,152.72	2023
203	R0016159	10808314	WARD BRETT D	SECTION 14 TOWNSHIP 13N RANGE 20W SILVER RIE	$6,271.38	2023 & PRIOR
204	R0016213	10809317	ADDLISH GREGORY L & CYNTHIA S	SECTION 14 TOWNSHIP 13N RANGE 20W TRACT 181	$1,470.66	2023
205	R0016416	10809118	EDMISTON CAROLL L	SECTION 10 TOWNSHIP 13N RANGE 20W TRACT 181	$1,449.32	2023
206	R0016418	10809119	MUELLER GUENTER & VALERIE	SECTION 10 TOWNSHIP 13N RANGE 20W TRACT 181	$2,231.10	2023

207	R0016348	10811316	MILLER BRETT R	SECTION 10 TOWNSHIP 13N RANGE 20W TRACT 181	$2,060.16	2023
208	R0016343	10812082	HBHR PROPERTIES LLC	SECTION 10 TOWNSHIP 13N RANGE 20W TRACT 181	$627.22	2023
209	R0016345	10812083	HBHR PROPERTIES LLC	SECTION 10 TOWNSHIP 13N RANGE 20W TRACT 181	$2,041.36	2023
210	R0016366	10813224	STELLAR PROPERTIES & INVESTMENTS LLC	SECTION 10 TOWNSHIP 13N RANGE 20W TRACT 181	$6,776.86	2023
211	R0028424	10816202A	KAUFMAN DIANE L	SECTION 12 TOWNSHIP 13N RANGE 20W T13N R20W	$1,624.36	2023 & PRIOR
212	R0028424	10816209A	HONEYMAN DEBRA J	SECTION 12 TOWNSHIP 13N RANGE 20W T13N R20W	$32.50	2023

213	R0017478	10818113	HAVASU HOME SOLUTIONS II LLC	SECTION 11 TOWNSHIP 13N RANGE 20W TRACT 118	$1,486.86	2023
214	R0017545	10818176	PENDERGRAFT CHRIS & JILL	SECTION 11 TOWNSHIP 13N RANGE 20W TRACT 118	$3,244.84	2023
215	R0017106	10818166A	GROSSETH-TYLER & ROXANNE	SECTION 12 TOWNSHIP 13N RANGE 20W SLIVER PAR	$1,165.02	2023 & PRIOR
216	R0017055	10819110	MOHZANIA SEAN	SECTION 11 TOWNSHIP 13N RANGE 20W TRACT 1986	$750.40	2023
217	R0018106	10819028	KARPIANI DAVID S	SECTION 11 TOWNSHIP 13N RANGE 20W TRACT 1986	$3,886.96	2023
218	R0018129	10819036	MILLER PAMELA	SECTION 11 TOWNSHIP 13N RANGE 20W TRACT 1986	$734.11	2023

219	R0018171	10819035	URGO GUSTAVO	SECTION 11 TOWNSHIP 13N RANGE 20W TRACT 221	$2,587.16	2023
220	R0018244	10819056	SUN ROBERT R	SECTION 11 TOWNSHIP 13N RANGE 20W TRACT 221	$606.15	2023
221	R0018249	10819058	SUN ROBERT R	SECTION 11 TOWNSHIP 13N RANGE 20W TRACT 221	$606.17	2023
222	R0019020	10819118	URGO GUSTAVO	SECTION 11 TOWNSHIP 13N RANGE 20W TRACT 192	$1,833.42	2023
223	R0019761	10822075A	HOFFMAN JASON & SHANNON	SECTION 11 TOWNSHIP 13N RANGE 20W T13N R19W	$1,516.16	2023
224	R0019167	10822080	HAVASU TRACT MATSUO ETAL	SECTION 11 TOWNSHIP 13N RANGE 20W TRACT 192	$913.71	2023

225	R0019163	10822206	VILLANO BRANDON M & MEGAN N	SECTION 11 TOWNSHIP 13N RANGE 20W TRACT 192	$5,060.87	2023
226	R0019159	10826414	QUIGLEY WILLIAM E & MARY E	SECTION 11 TOWNSHIP 13N RANGE 20W TRACT 193	$4,432.54	2023
227	R0019158	10826415	HBHR PROPERTIES LLC	SECTION 11 TOWNSHIP 13N RANGE 20W TRACT 193	$689.49	2023
228	R0019171	10826416	HBHR PROPERTIES LLC	SECTION 11 TOWNSHIP 13N RANGE 20W TRACT 193	$172.11	2023
229	R0019263	10829300	CRAIG LARSNO	SECTION 11 TOWNSHIP 13N RANGE 20W TRACT 190	$688.12	2023
230	R0019265	10829311	CROSS JOHN F & PAMELA S	SECTION 11 TOWNSHIP 13N RANGE 20W TRACT 190	$1,497.80	2023

231	R0019444	10827071	ALDERSON JAMES	SECTION 11 TOWNSHIP 13N RANGE 20W VILLAS UNI	$1,004.13	2023
232	R0019391	10833164	ISAAC CAROL	SECTION 11 TOWNSHIP 13N RANGE 20W VILLAS UNI	$35.66	2023
233	R0019391	10844088	555 INVESTMENTS LLC	SECTION 11 TOWNSHIP 13N RANGE 20W PONDEROSA	$611.25	2023
234	R0019883	10848038	JOHNSON VAL R	SECTION 11 TOWNSHIP 13N RANGE 20W RIO DEL ST	$452.46	2023
235	R0020363	10848041	MONIZ MARIE IRENE	SECTION 11 TOWNSHIP 13N RANGE 20W TRACT 2222	$1,280.48	2023
236	R0020058	10848068	URGO GUSTAVO	SECTION 11 TOWNSHIP 13N RANGE 20W TRACT 2222	$2,188.23	2023

237	R0020066	10850414	BORDEAU CORA	SECTION 11 TOWNSHIP 13N RANGE 20W TRACT 2222	$1,018.56	2023
238	R0020383	10850424	QUIGLEY WILLIAM E & MILDRED JT	SECTION 11 TOWNSHIP 13N RANGE 20W JOEL CORPO	$1,227.00	2023
239	R0021013	10913003	CATERO CHUCK & LUM JT	SECTION 11 TOWNSHIP 13N RANGE 20W TRACT 103	$1,603.96	2023
240	R0020101	10913043	GAY ROBERT	SECTION 11 TOWNSHIP 13N RANGE 20W TRACT 103	$2,046.26	2023
241	R0021031	10913212	CASTRO OSVALDO & YANCZ JT	SECTION 11 TOWNSHIP 13N RANGE 20W TRACT 105	$1,726.56	2023
242	R0020605	10915434	SCULLY SHANE & ROXANNE	SECTION 11 TOWNSHIP 13N RANGE 20W TRACT 108	$1,672.67	2023

243	R0021061	10917716	JEFFRIES TRENTON L	SECTION 11 TOWNSHIP 13N RANGE 20W TRACT 108	$3,088.41	2023
244	R0021097	10917718	JACKSON MICHELLE	SECTION 11 TOWNSHIP 13N RANGE 20W TRACT 108	$2,362.86	2023
245	R0021116	10919017	HAVASU RIVERS LLC	SECTION 11 TOWNSHIP 13N RANGE 20W TRACT 103	$1,222.24	2023
246	R0021119	10920038	LAMBERT JASON C & JAMIE L	SECTION 11 TOWNSHIP 13N RANGE 20W TRACT 103	$836.65	2023
247	R0021274	10926007	LATORRE RENE	SECTION 27 TOWNSHIP 13N RANGE 20W TRACT 2226	$1,656.76	2023
248	R0021286	10926014	URGO CHRISTOPHER JT 50	SECTION 27 TOWNSHIP 13N RANGE 20W TRACT 2226	$3,626.75	2023

249	R0021252	10926108	BRUNE GABRIEL & LINDSAY	SECTION 23 TOWNSHIP 13N RANGE 20W TRACT 2226	$2,557.81	2023 & PRIOR
250	R0021253	10926109	EISENBRODY GLENN & JANET JT	SECTION 23 TOWNSHIP 13N RANGE 20W TRACT 2226	$1,068.89	2023
251	R0021338	10922122	BERGANE SAM R JR	SECTION 23 TOWNSHIP 13N RANGE 20W TRACT 2226	$1,710.50	2023
252	R0021346	10922123	BERGANE SAM R JR	SECTION 23 TOWNSHIP 13N RANGE 20W TRACT 2226	$1,663.88	2023
253	R0021353	10922130	URGO GUSTAVO & EMILIA	SECTION 23 TOWNSHIP 13N RANGE 20W LAKE HAVAS	$1,607.65	2023
254	R0021454	10926049	AZIZ CYNTHIA	SECTION 23 TOWNSHIP 13N RANGE 20W LAKE HAVAS	$176.37	2023

255	R0021455	10926190	IRWIN JOHN M & DUARTE-IRWIN FRANCES M	SECTION 23 TOWNSHIP 13N RANGE 20W TRACT 2226	$1,561.80	2023
256	R0021514	10926191	IRWIN JOHN M & DUARTE-IRWIN FRANCES M	SECTION 23 TOWNSHIP 13N RANGE 20W TRACT 2226	$1,561.80	2023
257	R0022229	10926200	IRWIN JOHN M & DUARTE-IRWIN FRANCES M	SECTION 23 TOWNSHIP 13N RANGE 20W TRACT 2226	$1,561.80	2023
258	R0022261	10926202	IRWIN JOHN M & DUARTE-IRWIN FRANCES M	SECTION 23 TOWNSHIP 13N RANGE 20W TRACT 2226	$2,004.33	2023
259	R0024567	10958040	IRWIN OWEN R	SECTION 19 TOWNSHIP 13N RANGE 20W T13N R20W	$1,876.25	2023
260	R0005010	10960046	CDP DERIN REALTY LLC	TOWNSHIP 13N RANGE 20W TRACT 2240 LAKE HAVAS	$4,658.44	2023 & PRIOR

261	R0005011	10960064	DEEGAN KENT & VICKI	TOWNSHIP 13N RANGE 20W TRACT 2240 LAKE HAVAS	$1,979.62	2023 & PRIOR
262	R0002863	10960104	RHODES ROBERT W II	SECTION 23 TOWNSHIP 13N RANGE 20W LAKE HAVAS	$1,074.86	2023
263	R0021275	10961107	OAK SERENA	SECTION 23 TOWNSHIP 13N RANGE 20W VISTA WEST	$1,060.36	2023
264	R0021285	10964042	POWELL MARK	SECTION 23 TOWNSHIP 13N RANGE 20W VISTA WEST	$1,262.27	2023
265	R0022104	10970185	HAVASU PARTNERS LLC	SECTION 24 TOWNSHIP 13N RANGE 20W LAKE HAVAS	$1,730.46	2023
266	R0022406	10971038	AGAZIA ROBERTO DALE OF LAKE HAVASU INC	SECTION 23 TOWNSHIP 13N RANGE 20W HORIZONS VI	$1,037.23	2023

267	R0022485	10973021	BANNER-MCGUIRE PROPERTIES LLC	SECTION 15 TOWNSHIP 13N RANGE 20W HIDDEN PAL	$421.91	2023
268	R0022496	10984023	BRIGHT OCEAN CAPITAL LLC	SECTION 15 TOWNSHIP 13N RANGE 20W T13N R20W	$690.54	2023
269	R0022473	10984040	VARA LLC	SECTION 15 TOWNSHIP 13N RANGE 20W T13N R20W	$689.56	2023
270	R0022473	10984042	VARA LLC	SECTION 15 TOWNSHIP 13N RANGE 20W T13N R20W	$689.56	2023
271	R0022506	10984358	SCULLY SHANE & ROXANNE	SECTION 15 TOWNSHIP 13N RANGE 20W T13N R20W	$1,144.23	2023
272	R0022511	10984497	JSS RENTALS & RE LLC	SECTION 15 TOWNSHIP 13N RANGE 20W T13N R20W	$32.50	2023

273	R0022562	10986086	FLEMING ROBERT W & MAURINE	SECTION 15 TOWNSHIP 13N RANGE 20W SEC 15 T13	$91.57	2023
274	R0022608	10986046	PHILAZONA LLC	SECTION 21 TOWNSHIP 13N RANGE 20W SEC 21 T13	$66.67	2023
275	R0022618	10986068	URGO GUSTAVO & EMILIA	SECTION 21 TOWNSHIP 13N RANGE 20W TRACT 2244	$1,427.93	2023
276	R0022622	10987026	MILLER KIMBERLEE	SECTION 21 TOWNSHIP 13N RANGE 20W TRACT 2244	$261.07	2023
277	R0023142	10987028	FIERRO MARGARITA	SECTION 21 TOWNSHIP 13N RANGE 20W TRACT 2244	$791.97	2023
278	R0023145	10988117	HALBERT MARSHANA	SECTION 21 TOWNSHIP 13N RANGE 20W TRACT 2244	$1,428.44	2023

279	R0023147	10988200	CUEVAS PORFIRIO & BEATRICE JT	SECTION 21 TOWNSHIP 13N RANGE 20W TRACT 2244	$1,028.21	2023
280	R0023165	10989203	PORTER CAROLYN L	SECTION 21 TOWNSHIP 13N RANGE 20W TRACT 2244	$1,025.27	2023
281	R0024028	10990200	PRATT ROSCOE & TRUSTEE	SECTION 21 TOWNSHIP 13N RANGE 20W TRACT 2244	$1,588.25	2023
282	R0024086	10990201	HALL JERRY W & CHERYL A	SECTION 21 TOWNSHIP 13N RANGE 20W TRACT 2244	$1,662.98	2023
283	R0024140	10990406	SMITH CORY L	SECTION 21 TOWNSHIP 13N RANGE 20W TRACT 2244	$1,592.37	2023
284	R0024280	10991105	CHEVELET JOSE B & REYES LIZETH	SECTION 21 TOWNSHIP 13N RANGE 20W TRACT 2244	$1,143.78	2023

285	R0024289	10991108	MCLEOD RANDALL	SECTION 21 TOWNSHIP 13N RANGE 20W TRACT 2244	$1,131.34	2023
286	R0024328	10992012	STEPHENS THOMAS M	SECTION 21 TOWNSHIP 13N RANGE 20W TRACT 2244	$1,276.16	2023
287	R0024409	10993170	HOUSE BRETT	SECTION 21 TOWNSHIP 13N RANGE 20W TRACT 2244	$1,462.29	2023
288	R0024605	10993201	SMART STACY J	SECTION 22 TOWNSHIP 13N RANGE 20W TRACT 2244	$1,216.33	2023
289	R0024608	10993205	HENRY TAMMA C	SECTION 22 TOWNSHIP 13N RANGE 20W TRACT 2244	$12,855.74	2023 & PRIOR
290	R0024618	10993213	CHRISTOPHER J B LYLA A	SECTION 22 TOWNSHIP 13N RANGE 20W TRACT 2244	$1,189.38	2023

291	R0024631	10993302	BROWN JAY W & JANICE E	SECTION 22 TOWNSHIP 13N RANGE 20W TRACT 2244	$1,523.46	2023
292	R0024682	10993310	BENSON EVELYN J TRUSTEE	SECTION 22 TOWNSHIP 13N RANGE 20W TRACT 2244	$2,360.88	2023
293	R0024694	10994120	LEE JENNIFER & ROGER	SECTION 22 TOWNSHIP 13N RANGE 20W TRACT 2244	$1,474.10	2023
294	R0024717	10994310	TAN MARSHALL & CYNTHIA	SECTION 22 TOWNSHIP 13N RANGE 20W TRACT 2244	$2,170.06	2023
295	R0024811	10995110	MARQUEZ LARRY W & MARJORIE JT	SECTION 22 TOWNSHIP 13N RANGE 20W TRACT 2279	$2,036.95	2023
296	R0025015	11011224	LE FORGEY JOHN ALLAN TRUSTEE	SECTION 22 TOWNSHIP 13N RANGE 20W TRACT 2279	$2,269.13	2023

297	R0025015	11011221	CANEW JOSEPH W	SECTION 22 TOWNSHIP 13N RANGE 20W TRACT 2279	$1,311.62	2023
298	R0024438	11013233A	THE ARMAN KAWAMI IRREVOCABLE TRUST DEC	SECTION 22 TOWNSHIP 13N RANGE 20W TRACT 2279	$1,463.86	2023
299	R0026068	11012351	DUBACH DOUGLAS R & ELLEN R	SECTION 22 TOWNSHIP 13N RANGE 20W TRACT 2279	$1,773.37	2023
300	R0026085	11012404	SHEA DYLAN J	SECTION 22 TOWNSHIP 13N RANGE 20W TRACT 2279	$1,741.34	2023
301	R0025116	11013200	NIELSEN MICHAEL F	SECTION 22 TOWNSHIP 13N RANGE 20W TRACT 2279	$1,542.71	2023
302	R0025116	11015120	FERREIRA GRACIELA MENDOZA TRUSTEE	SECTION 22 TOWNSHIP 13N RANGE 20W TRACT 2279	$1,506.09	2023

303	R0025608	11016065	SMITH JOHN W	SECTION 22 TOWNSHIP 13N RANGE 20W TRACT 2279	$1,322.12	2023
304	R0026002	11017001	HAGAN STEPHEN	SECTION 22 TOWNSHIP 13N RANGE 20W TRACT 2279	$1,465.87	2023
305	R0026018	11018030	BURNS STEPHANIE	SECTION 22 TOWNSHIP 13N RANGE 20W TRACT 2279	$1,417.19	2023
306	R0026013	11018231	JOHNSON BRADLEY	SECTION 11 TOWNSHIP 13N RANGE 20W TRACT 1914	$2,016.53	2023
307	R0026017	11110003	JUAREZ SAUL	SECTION 11 TOWNSHIP 13N RANGE 20W TRACT 1914	$578.69	2023
308	R0026011	11110043	DIAZ MIGUEL	SECTION 11 TOWNSHIP 13N RANGE 20W TRACT 1914	$1,021.21	2023

309	R0026036	11111211	KUBICH DIETER	TOWNSHIP 13N RANGE 20W TRACT 2265 LAKE HAVAS	$1,009.68	2023
310	R0026063	11120210	ALDOTOP JOSELINE	TOWNSHIP 13N RANGE 20W TRACT 2265 LAKE HAVAS	$1,080.20	2023
311	R0026063	11120112	JOHNSON BETTY J	TOWNSHIP 13N RANGE 20W TRACT 2265 LAKE HAVAS	$484.16	2023
312	R0026086	11120110	GOODMAN JOHN	TOWNSHIP 13N RANGE 20W TRACT 2265 LAKE HAVAS	$1,147.58	2023
313	R0026105	11120215	LOTCHMMINGH SURAJ & JENNIFER	TOWNSHIP 13N RANGE 20W TRACT 2265 LAKE HAVAS	$1,017.18	2023
314	R0026111	11120217	GORDON COOKS NANCY L	TOWNSHIP 13N RANGE 20W TRACT 2265 LAKE HAVAS	$1,018.27	2023

315	R0026118	11120218	GORDON COOKS NANCY L	TOWNSHIP 13N RANGE 20W TRACT 2265 LAKE HAVAS	$1,000.08	2023
316	R0026126	11120220	BARROS LUIS R & MARCELA	TOWNSHIP 13N RANGE 20W TRACT 2265 LAKE HAVAS	$1,179.56	2023
317	R0026131	11120318	KINSLEY JACOB R & JENNIFER L	TOWNSHIP 13N RANGE 20W TRACT 2265 LAKE HAVAS	$1,045.44	2023
318	R0026172	11120376	GARCIA ARTURO & CARMEN JT	TOWNSHIP 13N RANGE 20W TRACT 2265 LAKE HAVAS	$1,188.17	2023
